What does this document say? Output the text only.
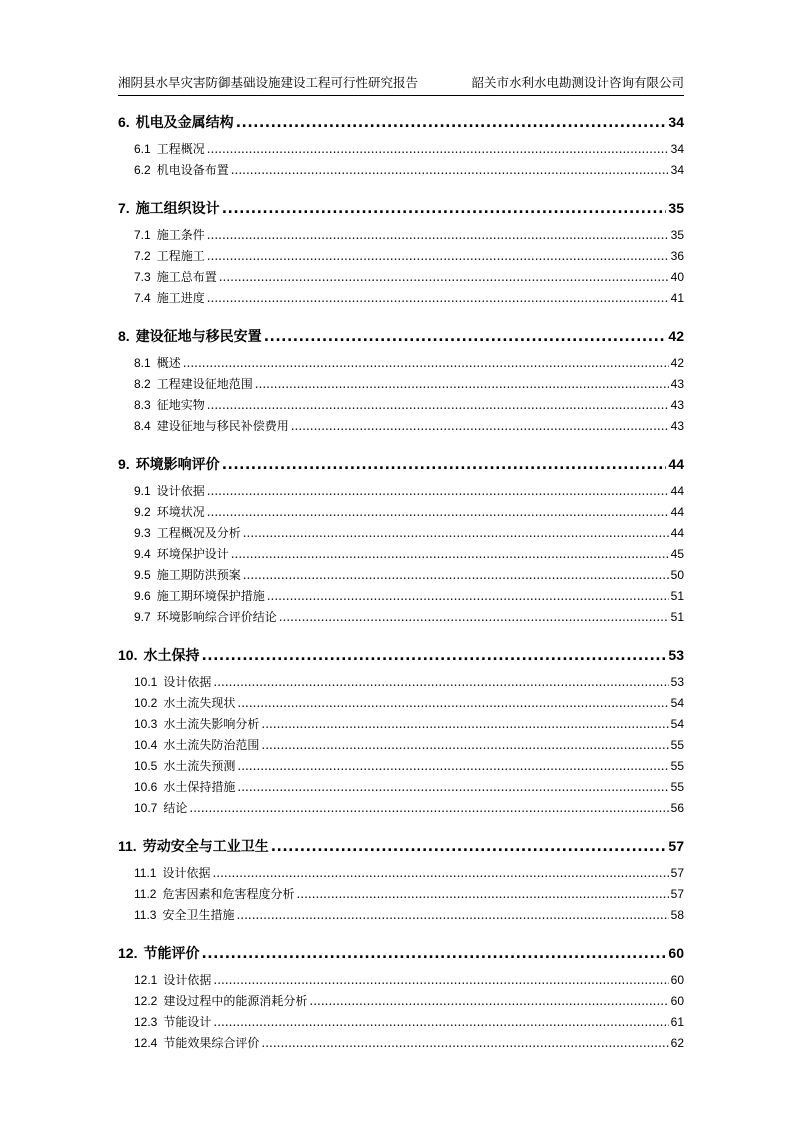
湘阴县水旱灾害防御基础设施建设工程可行性研究报告	韶关市水利水电勘测设计咨询有限公司
6. 机电及金属结构 .....	34
6.1 工程概况 .....	34
6.2 机电设备布置 .....	34
7. 施工组织设计 .....	35
7.1 施工条件 .....	35
7.2 工程施工 .....	36
7.3 施工总布置 .....	40
7.4 施工进度 .....	41
8. 建设征地与移民安置 .....	42
8.1 概述 .....	42
8.2 工程建设征地范围 .....	43
8.3 征地实物 .....	43
8.4 建设征地与移民补偿费用 .....	43
9. 环境影响评价 .....	44
9.1 设计依据 .....	44
9.2 环境状况 .....	44
9.3 工程概况及分析 .....	44
9.4 环境保护设计 .....	45
9.5 施工期防洪预案 .....	50
9.6 施工期环境保护措施 .....	51
9.7 环境影响综合评价结论 .....	51
10. 水土保持 .....	53
10.1 设计依据 .....	53
10.2 水土流失现状 .....	54
10.3 水土流失影响分析 .....	54
10.4 水土流失防治范围 .....	55
10.5 水土流失预测 .....	55
10.6 水土保持措施 .....	55
10.7 结论 .....	56
11. 劳动安全与工业卫生 .....	57
11.1 设计依据 .....	57
11.2 危害因素和危害程度分析 .....	57
11.3 安全卫生措施 .....	58
12. 节能评价 .....	60
12.1 设计依据 .....	60
12.2 建设过程中的能源消耗分析 .....	60
12.3 节能设计 .....	61
12.4 节能效果综合评价 .....	62
